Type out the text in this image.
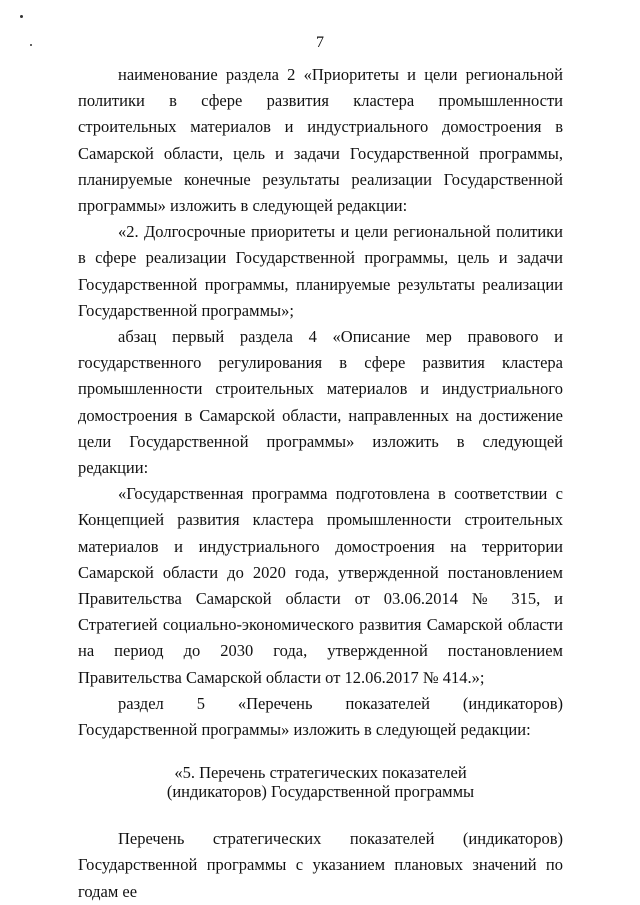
7

наименование раздела 2 «Приоритеты и цели региональной политики в сфере развития кластера промышленности строительных материалов и индустриального домостроения в Самарской области, цель и задачи Государственной программы, планируемые конечные результаты реализации Государственной программы» изложить в следующей редакции:

«2. Долгосрочные приоритеты и цели региональной политики в сфере реализации Государственной программы, цель и задачи Государственной программы, планируемые результаты реализации Государственной программы»;

абзац первый раздела 4 «Описание мер правового и государственного регулирования в сфере развития кластера промышленности строительных материалов и индустриального домостроения в Самарской области, направленных на достижение цели Государственной программы» изложить в следующей редакции:

«Государственная программа подготовлена в соответствии с Концепцией развития кластера промышленности строительных материалов и индустриального домостроения на территории Самарской области до 2020 года, утвержденной постановлением Правительства Самарской области от 03.06.2014 № 315, и Стратегией социально-экономического развития Самарской области на период до 2030 года, утвержденной постановлением Правительства Самарской области от 12.06.2017 № 414.»;

раздел 5 «Перечень показателей (индикаторов) Государственной программы» изложить в следующей редакции:

«5. Перечень стратегических показателей
(индикаторов) Государственной программы

Перечень стратегических показателей (индикаторов) Государственной программы с указанием плановых значений по годам ее
